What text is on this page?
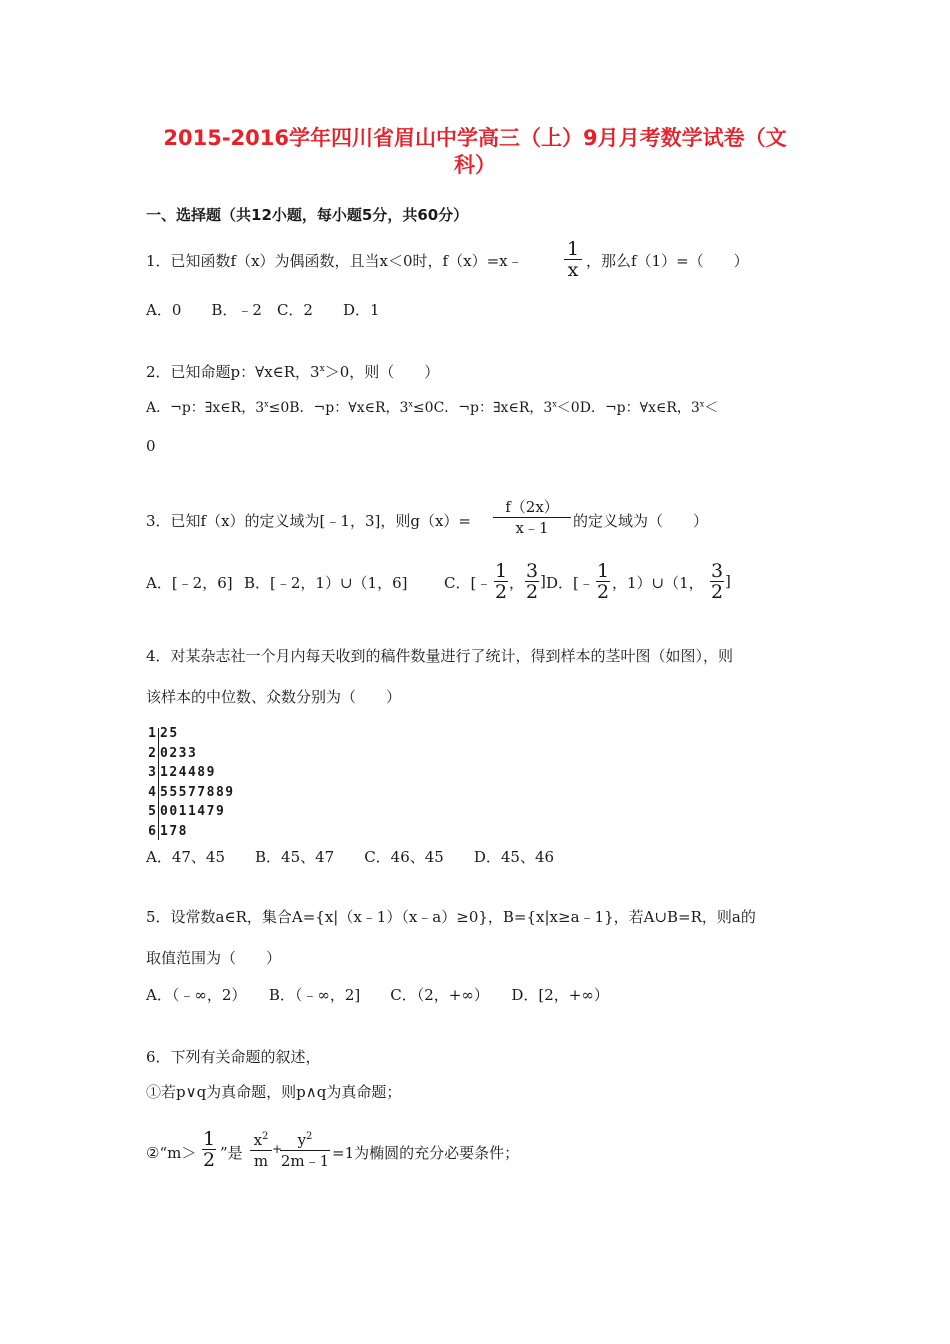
2015-2016学年四川省眉山中学高三（上）9月月考数学试卷（文
科）
一、选择题（共12小题，每小题5分，共60分）
1．已知函数f（x）为偶函数，且当x＜0时，f（x）=x﹣
1
x ，那么f（1）=（　　）
A．0　　B．﹣2　C．2　　D．1
2．已知命题p：∀x∈R，$3^x>0$，则（　　）
A．¬p：∃x∈R，$3^x\le 0B$．¬p：∀x∈R，$3^x\le 0C$．¬p：∃x∈R，$3^x<0D$．¬p：∀x∈R，$3^x<$
0
3．已知f（x）的定义域为[﹣1，3]，则g（x）=
f（2x）
x﹣1	的定义域为（　　）
A．[﹣2，6] B．[﹣2，1）∪（1，6] C．[﹣
1
2 ，
3
2 ] D．[﹣
1
2 ，1）∪（1，
3
2 ]
4．对某杂志社一个月内每天收到的稿件数量进行了统计，得到样本的茎叶图（如图），则
该样本的中位数、众数分别为（　　）
1 25
2 0233
3 124489
4 55577889
5 0011479
6 178
A．47、45　　B．45、47　　C．46、45　　D．45、46
5．设常数a∈R，集合A={x|（x﹣1）（x﹣a）≥0}，B={x|x≥a﹣1}，若A∪B=R，则a的
取值范围为（　　）
A．（﹣∞，2）　　B．（﹣∞，2]　　C．（2，+∞）　　D．[2，+∞）
6．下列有关命题的叙述，
①若p∨q为真命题，则p∧q为真命题；
②“m＞
1
2 ”是
$x^2$
m
+	$y^2$
2m﹣1 =1为椭圆的充分必要条件；
